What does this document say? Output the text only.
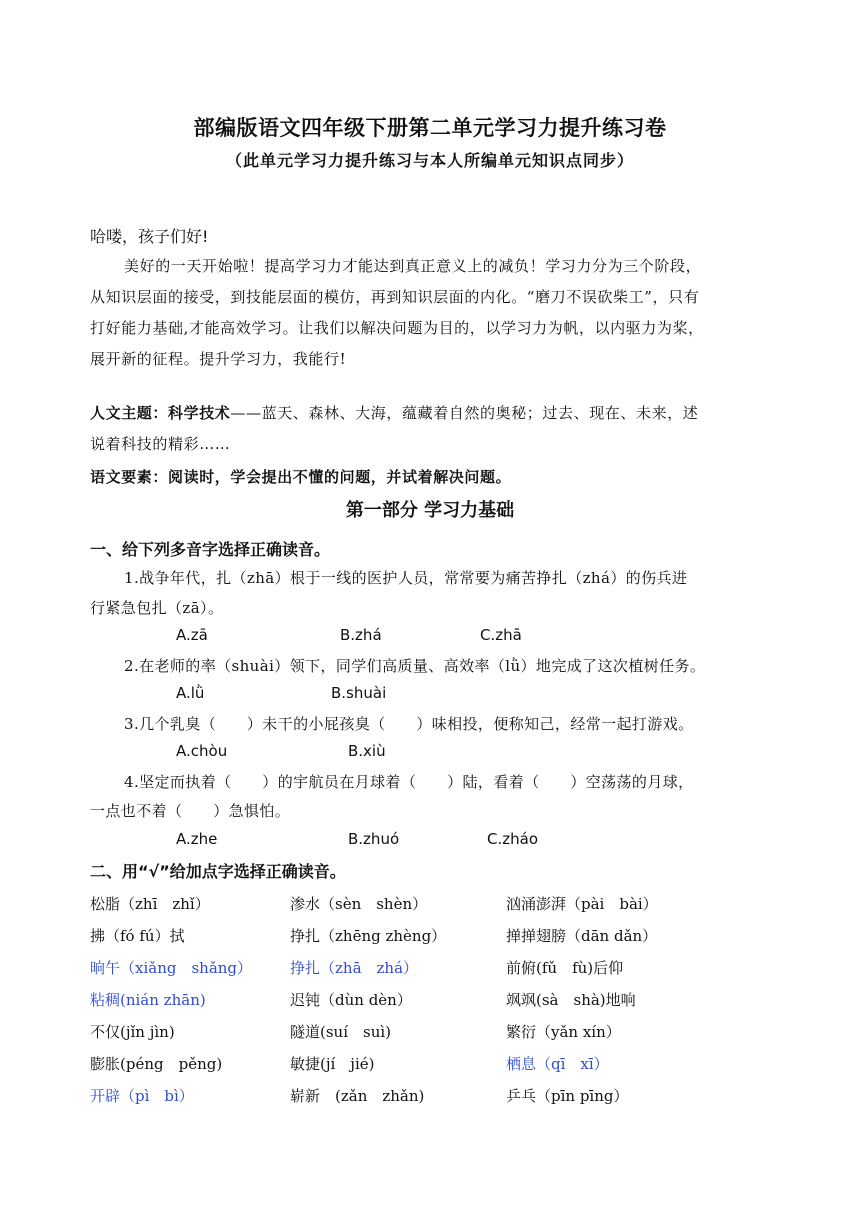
部编版语文四年级下册第二单元学习力提升练习卷
（此单元学习力提升练习与本人所编单元知识点同步）
哈喽，孩子们好!
美好的一天开始啦！提高学习力才能达到真正意义上的减负！学习力分为三个阶段，
从知识层面的接受，到技能层面的模仿，再到知识层面的内化。“磨刀不误砍柴工”，只有
打好能力基础,才能高效学习。让我们以解决问题为目的，以学习力为帆，以内驱力为桨，
展开新的征程。提升学习力，我能行!
人文主题：科学技术——蓝天、森林、大海，蕴藏着自然的奥秘；过去、现在、未来，述
说着科技的精彩……
语文要素：阅读时，学会提出不懂的问题，并试着解决问题。
第一部分 学习力基础
一、给下列多音字选择正确读音。
1.战争年代，扎（zhā）根于一线的医护人员，常常要为痛苦挣扎（zhá）的伤兵进
行紧急包扎（zā）。
A.zā	B.zhá	C.zhā
2.在老师的率（shuài）领下，同学们高质量、高效率（lǜ）地完成了这次植树任务。
A.lǜ	B.shuài
3.几个乳臭（　　）未干的小屁孩臭（　　）味相投，便称知己，经常一起打游戏。
A.chòu	B.xiù
4.坚定而执着（　　）的宇航员在月球着（　　）陆，看着（　　）空荡荡的月球，
一点也不着（　　）急惧怕。
A.zhe	B.zhuó	C.zháo
二、用“√”给加点字选择正确读音。
松脂（zhī　zhǐ）	渗水（sèn　shèn）	汹涌澎湃（pài　bài）
拂（fó fú）拭	挣扎（zhēng zhèng）	掸掸翅膀（dān dǎn）
晌午（xiǎng　shǎng）	挣扎（zhā　zhá）	前俯(fǔ　fù)后仰
粘稠(nián zhān)	迟钝（dùn dèn）	飒飒(sà　shà)地响
不仅(jǐn jìn)	隧道(suí　suì)	繁衍（yǎn xín）
膨胀(péng　pěng)	敏捷(jí　jié)	栖息（qī　xī）
开辟（pì　bì）	崭新　(zǎn　zhǎn)	乒乓（pīn pīng）
